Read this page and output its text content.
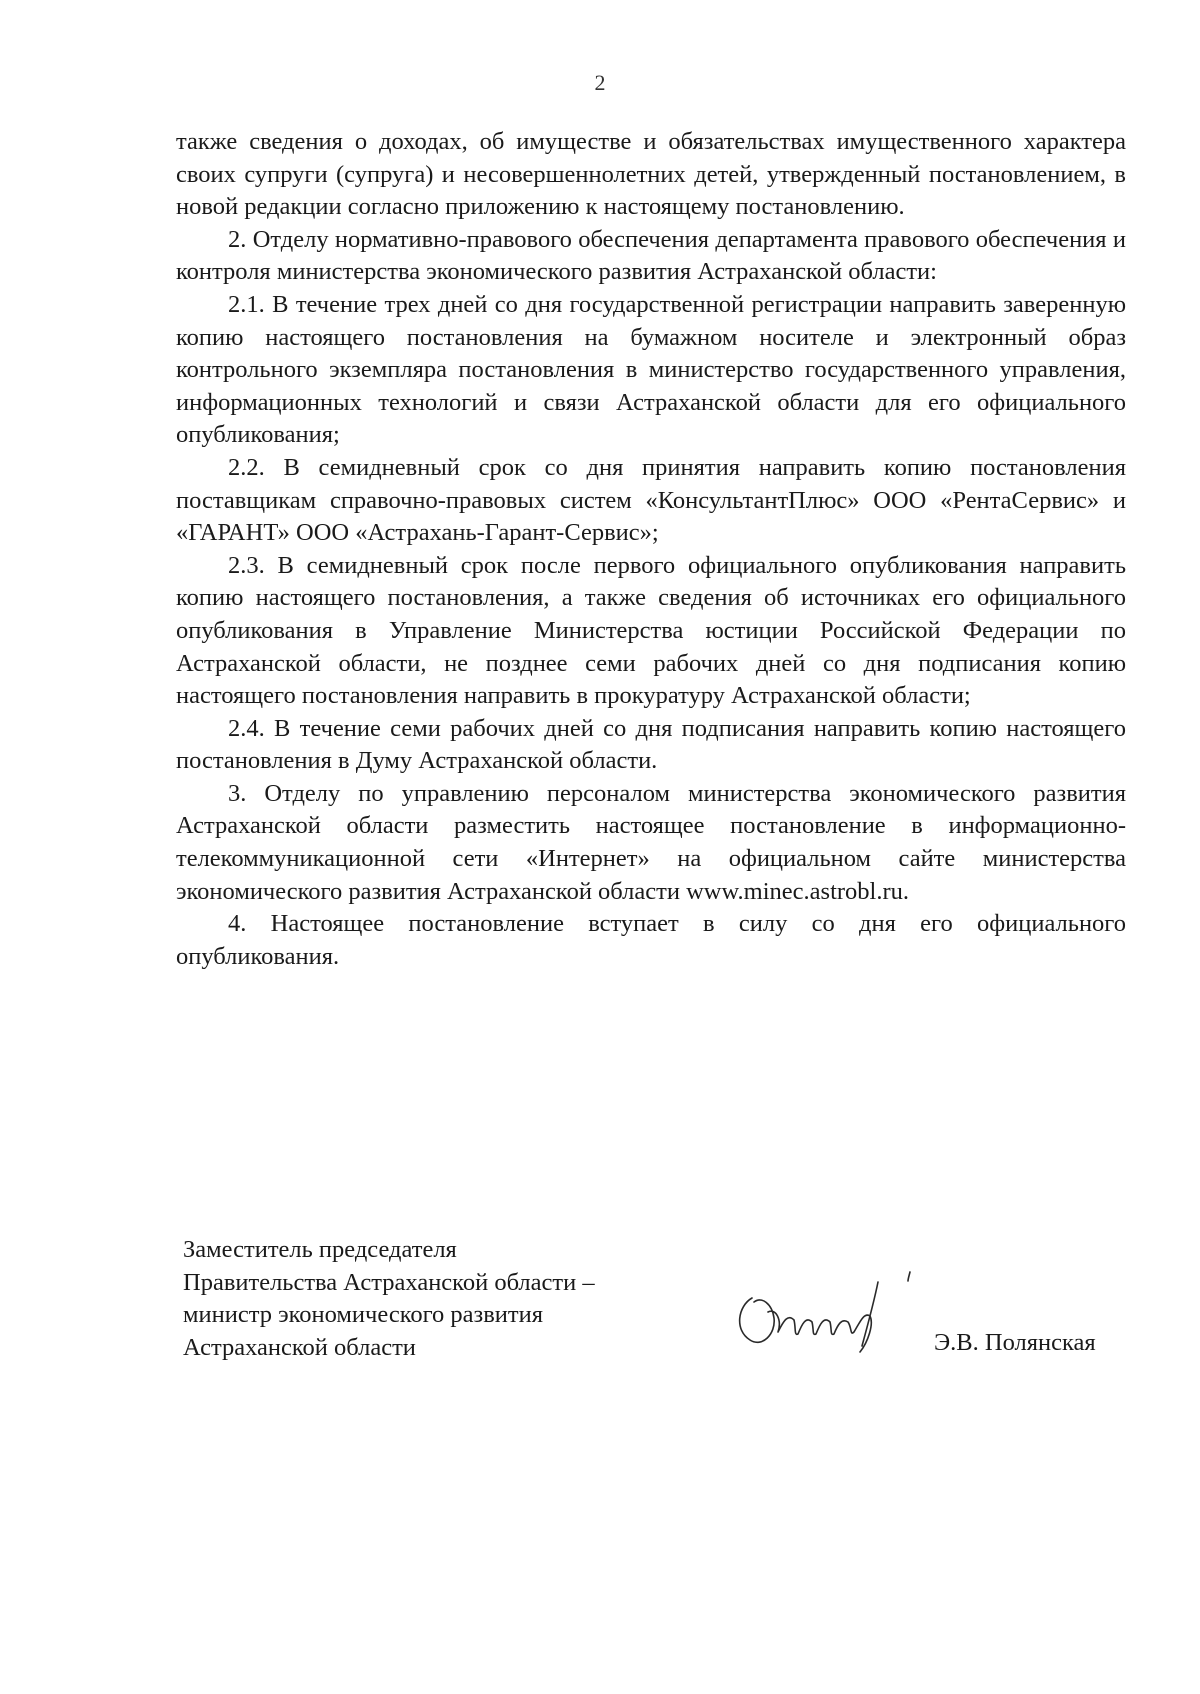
2

также сведения о доходах, об имуществе и обязательствах имущественного характера своих супруги (супруга) и несовершеннолетних детей, утвержденный постановлением, в новой редакции согласно приложению к настоящему постановлению.

2. Отделу нормативно-правового обеспечения департамента правового обеспечения и контроля министерства экономического развития Астраханской области:

2.1. В течение трех дней со дня государственной регистрации направить заверенную копию настоящего постановления на бумажном носителе и электронный образ контрольного экземпляра постановления в министерство государственного управления, информационных технологий и связи Астраханской области для его официального опубликования;

2.2. В семидневный срок со дня принятия направить копию постановления поставщикам справочно-правовых систем «КонсультантПлюс» ООО «РентаСервис» и «ГАРАНТ» ООО «Астрахань-Гарант-Сервис»;

2.3. В семидневный срок после первого официального опубликования направить копию настоящего постановления, а также сведения об источниках его официального опубликования в Управление Министерства юстиции Российской Федерации по Астраханской области, не позднее семи рабочих дней со дня подписания копию настоящего постановления направить в прокуратуру Астраханской области;

2.4. В течение семи рабочих дней со дня подписания направить копию настоящего постановления в Думу Астраханской области.

3. Отделу по управлению персоналом министерства экономического развития Астраханской области разместить настоящее постановление в информационно-телекоммуникационной сети «Интернет» на официальном сайте министерства экономического развития Астраханской области www.minec.astrobl.ru.

4. Настоящее постановление вступает в силу со дня его официального опубликования.

Заместитель председателя
Правительства Астраханской области –
министр экономического развития
Астраханской области	Э.В. Полянская
